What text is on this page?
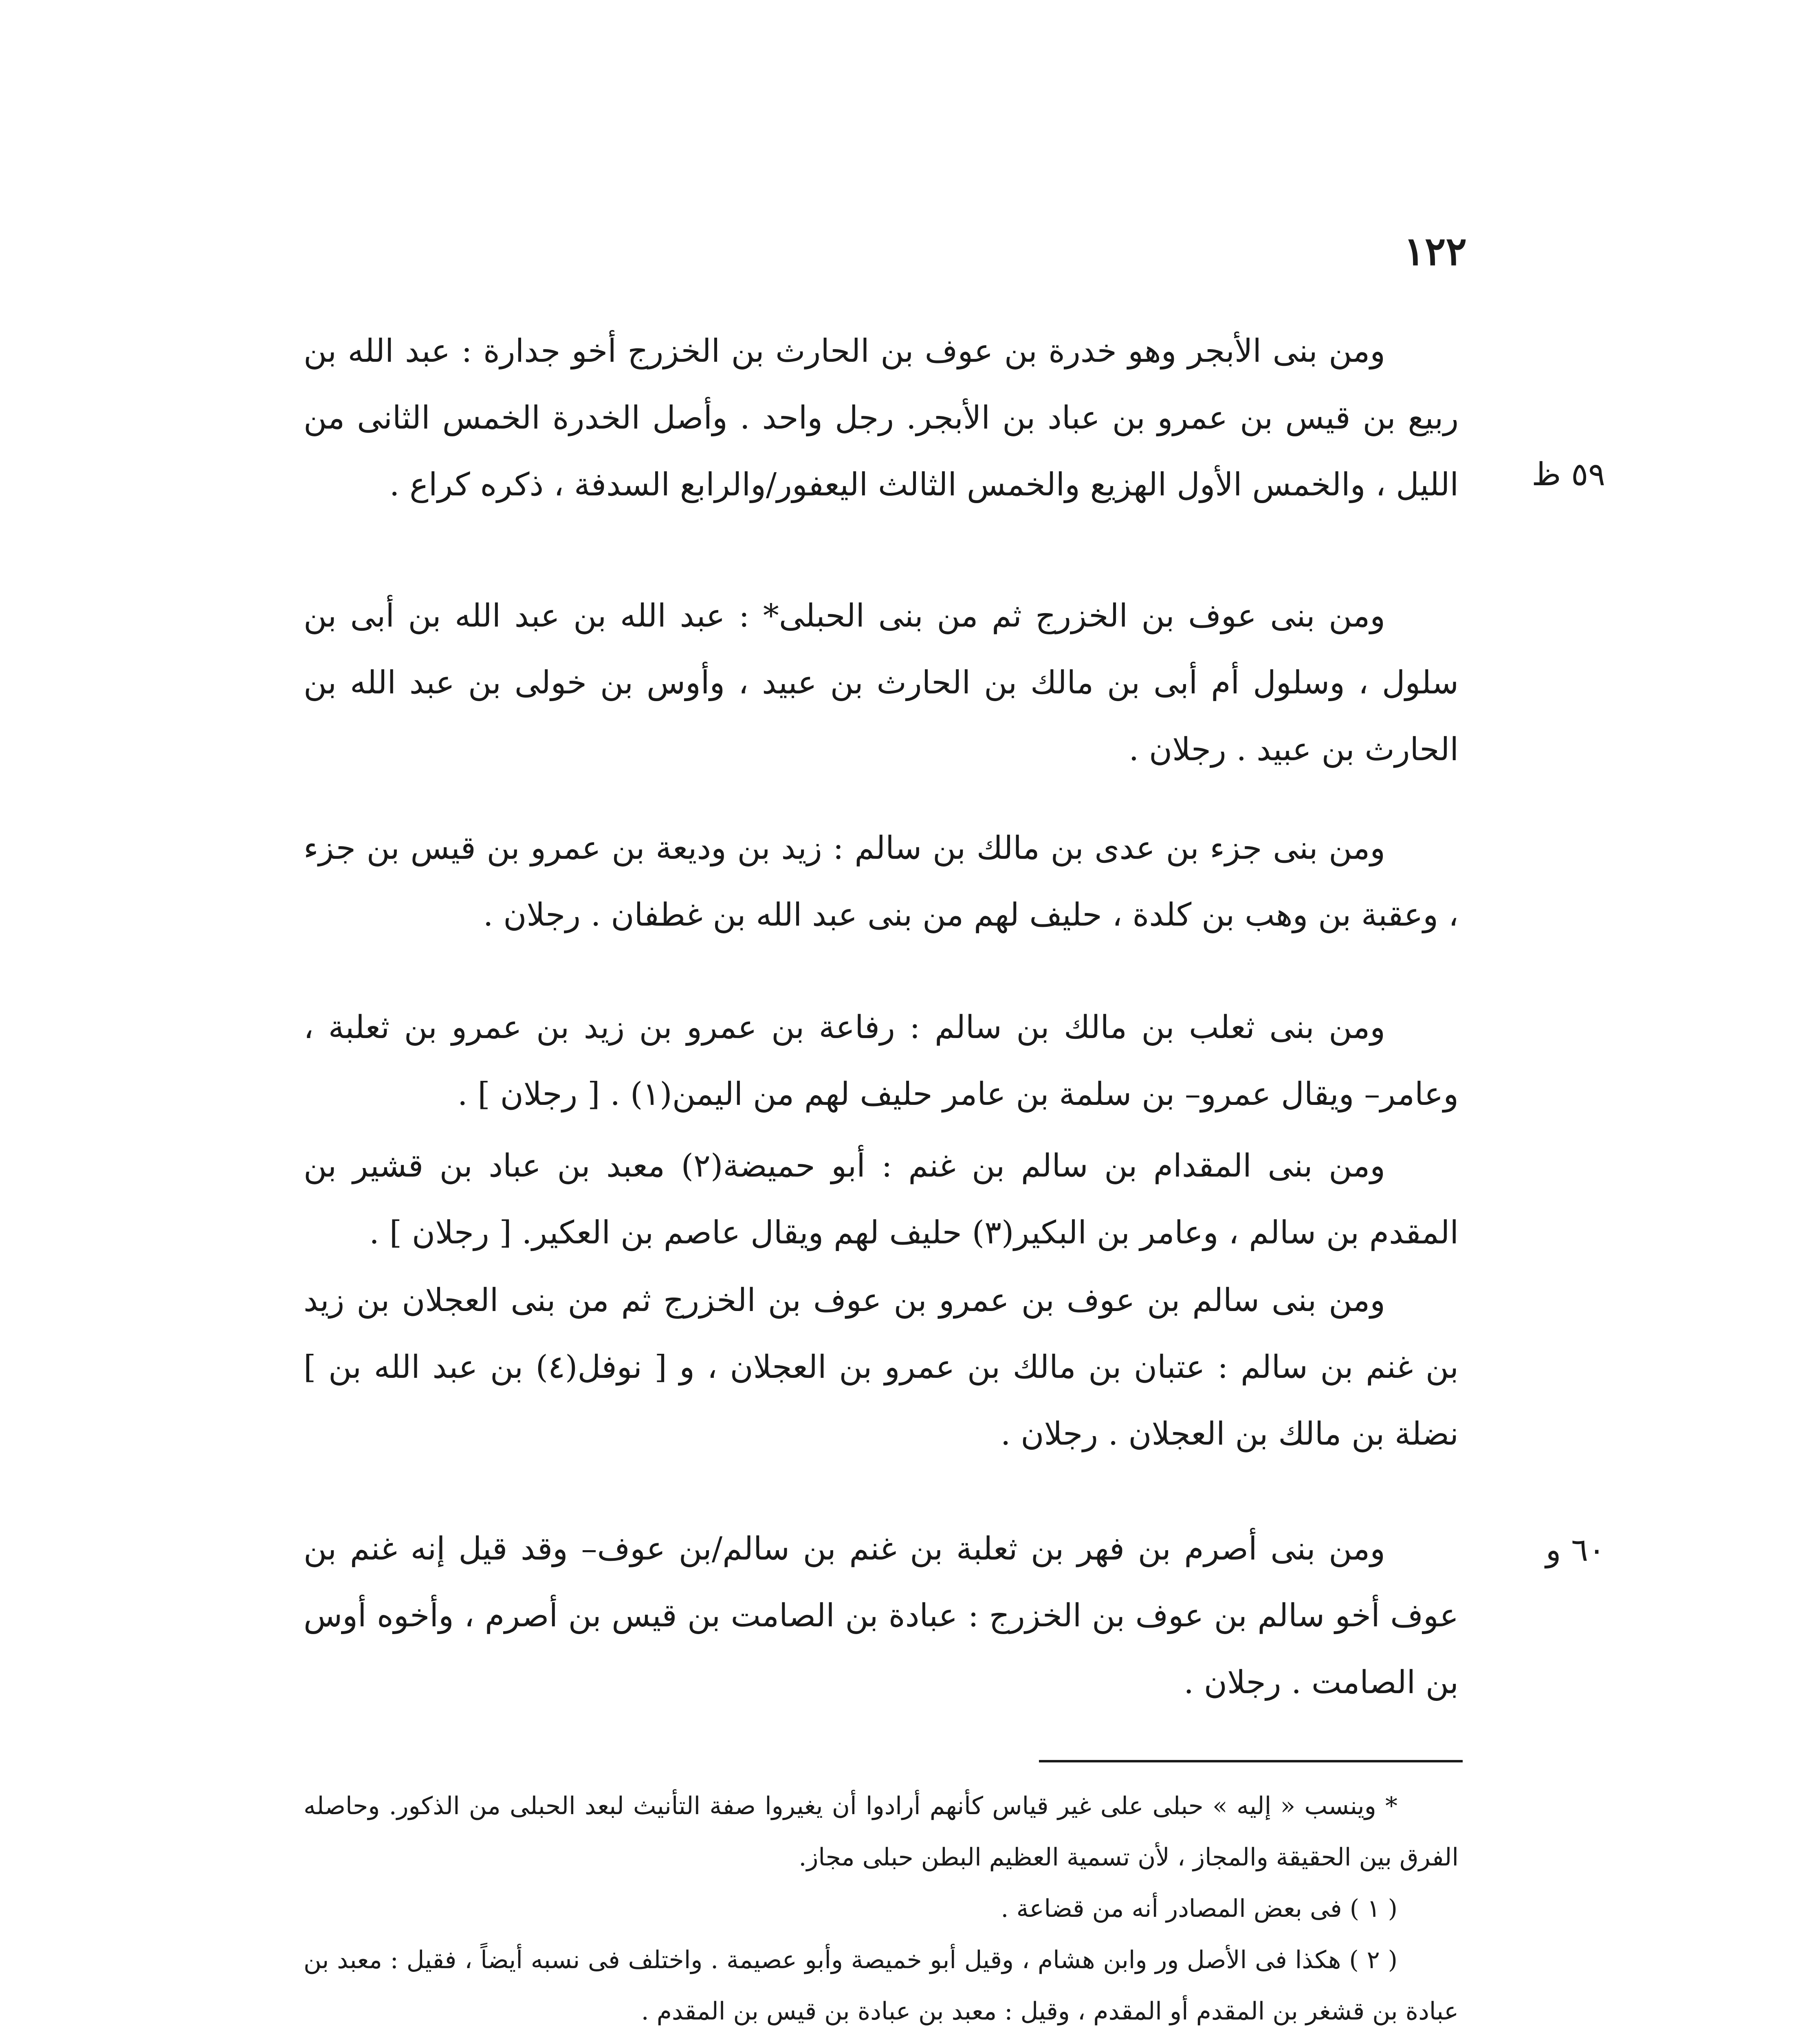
١٢٢
٥٩ ظ
٦٠ و

ومن بنى الأبجر وهو خدرة بن عوف بن الحارث بن الخزرج أخو جدارة : عبد الله بن ربيع بن قيس بن عمرو بن عباد بن الأبجر. رجل واحد . وأصل الخدرة الخمس الثانى من الليل ، والخمس الأول الهزيع والخمس الثالث اليعفور/والرابع السدفة ، ذكره كراع .

ومن بنى عوف بن الخزرج ثم من بنى الحبلى* : عبد الله بن عبد الله بن أبى بن سلول ، وسلول أم أبى بن مالك بن الحارث بن عبيد ، وأوس بن خولى بن عبد الله بن الحارث بن عبيد . رجلان .

ومن بنى جزء بن عدى بن مالك بن سالم : زيد بن وديعة بن عمرو بن قيس بن جزء ، وعقبة بن وهب بن كلدة ، حليف لهم من بنى عبد الله بن غطفان . رجلان .

ومن بنى ثعلب بن مالك بن سالم : رفاعة بن عمرو بن زيد بن عمرو بن ثعلبة ، وعامر– ويقال عمرو– بن سلمة بن عامر حليف لهم من اليمن(١) . [ رجلان ] .

ومن بنى المقدام بن سالم بن غنم : أبو حميضة(٢) معبد بن عباد بن قشير بن المقدم بن سالم ، وعامر بن البكير(٣) حليف لهم ويقال عاصم بن العكير. [ رجلان ] .

ومن بنى سالم بن عوف بن عمرو بن عوف بن الخزرج ثم من بنى العجلان بن زيد بن غنم بن سالم : عتبان بن مالك بن عمرو بن العجلان ، و [ نوفل(٤) بن عبد الله بن ] نضلة بن مالك بن العجلان . رجلان .

ومن بنى أصرم بن فهر بن ثعلبة بن غنم بن سالم/بن عوف– وقد قيل إنه غنم بن عوف أخو سالم بن عوف بن الخزرج : عبادة بن الصامت بن قيس بن أصرم ، وأخوه أوس بن الصامت . رجلان .

* وينسب « إليه » حبلى على غير قياس كأنهم أرادوا أن يغيروا صفة التأنيث لبعد الحبلى من الذكور. وحاصله الفرق بين الحقيقة والمجاز ، لأن تسمية العظيم البطن حبلى مجاز.

( ١ ) فى بعض المصادر أنه من قضاعة .

( ٢ ) هكذا فى الأصل ور وابن هشام ، وقيل أبو خميصة وأبو عصيمة . واختلف فى نسبه أيضاً ، فقيل : معبد بن عبادة بن قشغر بن المقدم أو المقدم ، وقيل : معبد بن عبادة بن قيس بن المقدم .
